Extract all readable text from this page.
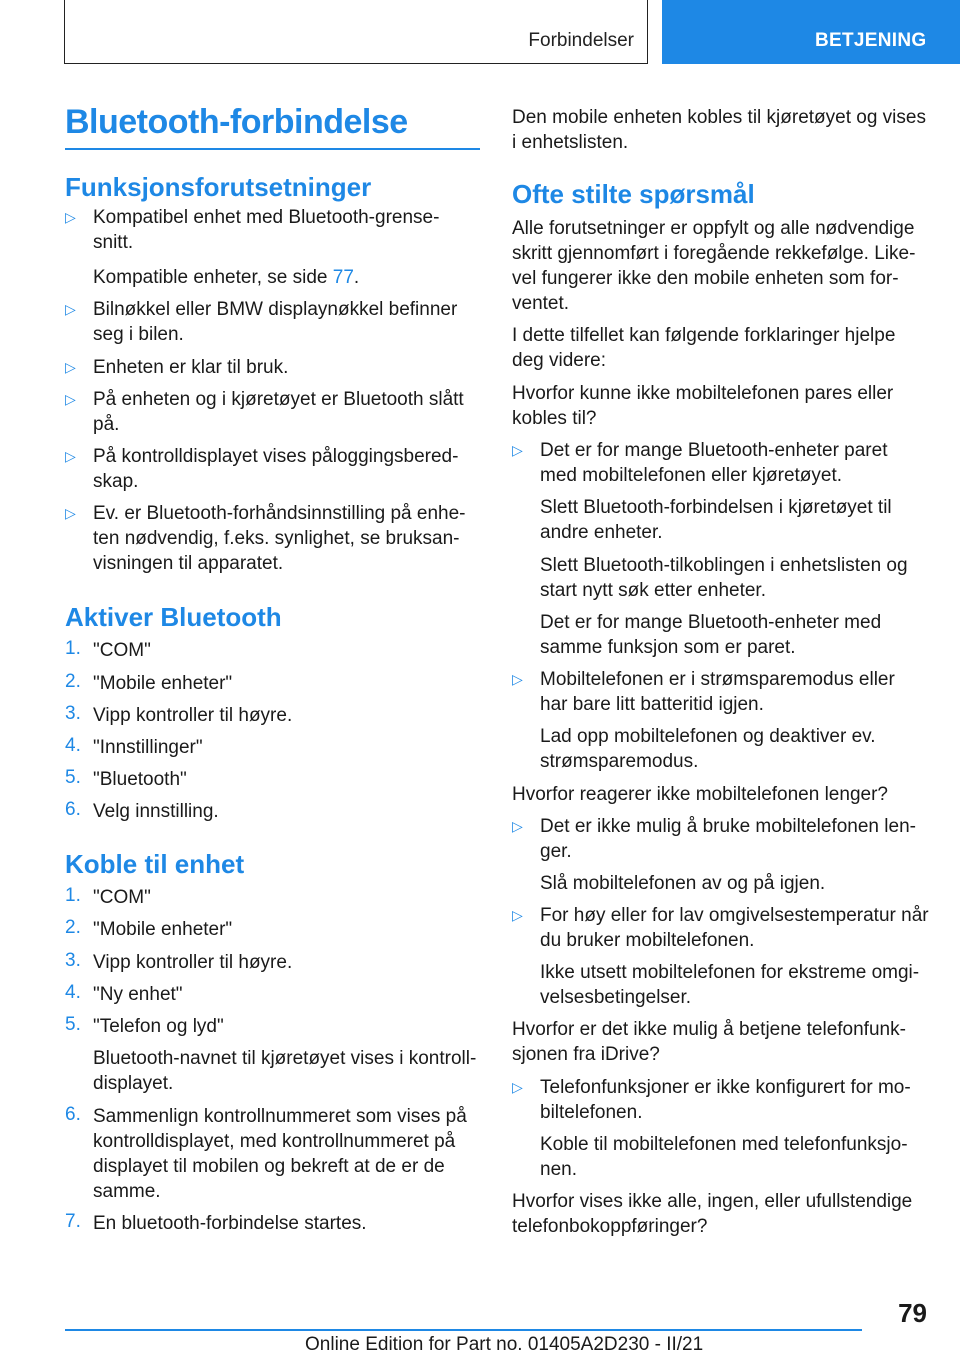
Forbindelser	BETJENING
Bluetooth-forbindelse
Funksjonsforutsetninger
▷ Kompatibel enhet med Bluetooth-grense-
snitt.
▷ Bilnøkkel eller BMW displaynøkkel befinner
seg i bilen.
▷ Enheten er klar til bruk.
▷ På enheten og i kjøretøyet er Bluetooth slått
på.
▷ På kontrolldisplayet vises påloggingsbered-
skap.
▷ Ev. er Bluetooth-forhåndsinnstilling på enhe-
ten nødvendig, f.eks. synlighet, se bruksan-
visningen til apparatet.
Kompatible enheter, se side 77.
Aktiver Bluetooth
1. "COM"
2. "Mobile enheter"
3. Vipp kontroller til høyre.
4. "Innstillinger"
5. "Bluetooth"
6. Velg innstilling.
Koble til enhet
1. "COM"
2. "Mobile enheter"
3. Vipp kontroller til høyre.
4. "Ny enhet"
5. "Telefon og lyd"
6. Sammenlign kontrollnummeret som vises på
kontrolldisplayet, med kontrollnummeret på
displayet til mobilen og bekreft at de er de
samme.
7. En bluetooth-forbindelse startes.
Bluetooth-navnet til kjøretøyet vises i kontroll-
displayet.
Den mobile enheten kobles til kjøretøyet og vises
i enhetslisten.
Ofte stilte spørsmål
Alle forutsetninger er oppfylt og alle nødvendige
skritt gjennomført i foregående rekkefølge. Like-
vel fungerer ikke den mobile enheten som for-
ventet.
I dette tilfellet kan følgende forklaringer hjelpe
deg videre:
Hvorfor kunne ikke mobiltelefonen pares eller
kobles til?
▷ Det er for mange Bluetooth-enheter paret
med mobiltelefonen eller kjøretøyet.
Slett Bluetooth-forbindelsen i kjøretøyet til
andre enheter.
Slett Bluetooth-tilkoblingen i enhetslisten og
start nytt søk etter enheter.
Det er for mange Bluetooth-enheter med
samme funksjon som er paret.
▷ Mobiltelefonen er i strømsparemodus eller
har bare litt batteritid igjen.
Lad opp mobiltelefonen og deaktiver ev.
strømsparemodus.
Hvorfor reagerer ikke mobiltelefonen lenger?
▷ Det er ikke mulig å bruke mobiltelefonen len-
ger.
Slå mobiltelefonen av og på igjen.
▷ For høy eller for lav omgivelsestemperatur når
du bruker mobiltelefonen.
Ikke utsett mobiltelefonen for ekstreme omgi-
velsesbetingelser.
Hvorfor er det ikke mulig å betjene telefonfunk-
sjonen fra iDrive?
▷ Telefonfunksjoner er ikke konfigurert for mo-
biltelefonen.
Koble til mobiltelefonen med telefonfunksjo-
nen.
Hvorfor vises ikke alle, ingen, eller ufullstendige
telefonbokoppføringer?
79
Online Edition for Part no. 01405A2D230 - II/21
